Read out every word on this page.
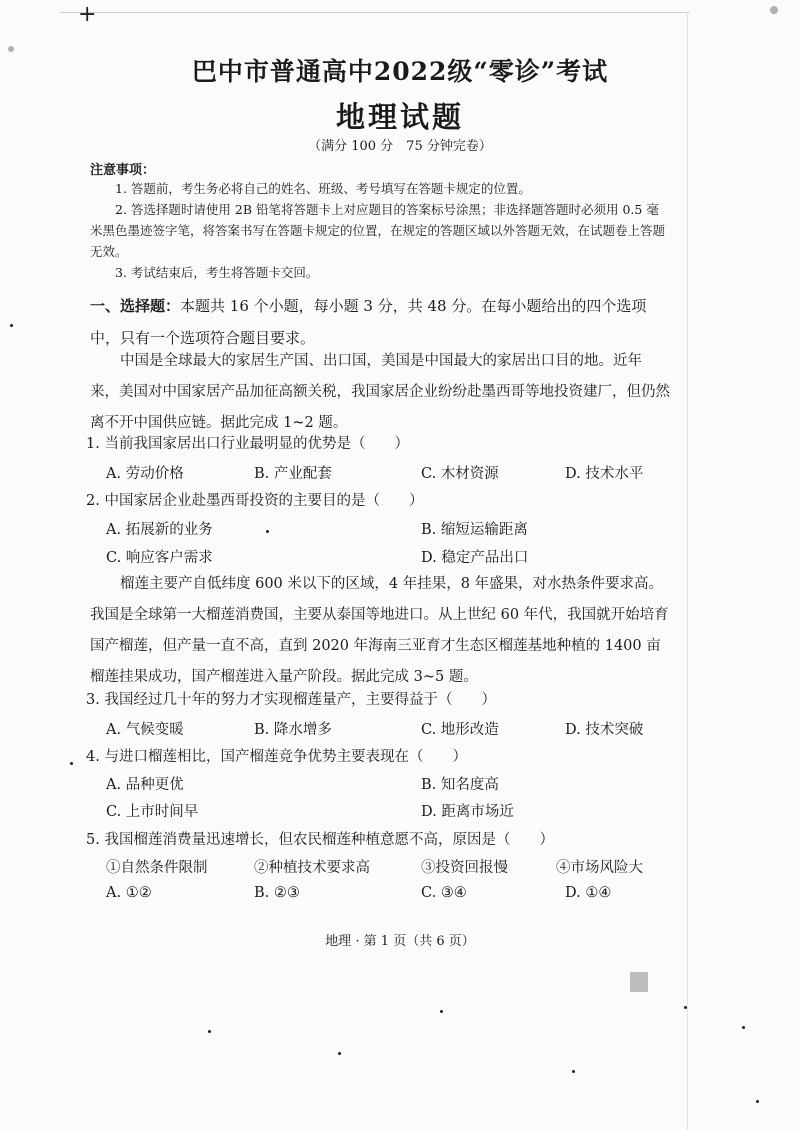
+
巴中市普通高中2022级“零诊”考试
地理试题
（满分 100 分　75 分钟完卷）
注意事项：
1. 答题前，考生务必将自己的姓名、班级、考号填写在答题卡规定的位置。
2. 答选择题时请使用 2B 铅笔将答题卡上对应题目的答案标号涂黑；非选择题答题时必须用 0.5 毫米黑色墨迹签字笔，将答案书写在答题卡规定的位置，在规定的答题区域以外答题无效，在试题卷上答题无效。
3. 考试结束后，考生将答题卡交回。
一、选择题：本题共 16 个小题，每小题 3 分，共 48 分。在每小题给出的四个选项中，只有一个选项符合题目要求。
中国是全球最大的家居生产国、出口国，美国是中国最大的家居出口目的地。近年来，美国对中国家居产品加征高额关税，我国家居企业纷纷赴墨西哥等地投资建厂，但仍然离不开中国供应链。据此完成 1~2 题。
1. 当前我国家居出口行业最明显的优势是（　　）
A. 劳动价格	B. 产业配套	C. 木材资源	D. 技术水平
2. 中国家居企业赴墨西哥投资的主要目的是（　　）
A. 拓展新的业务	B. 缩短运输距离
C. 响应客户需求	D. 稳定产品出口
榴莲主要产自低纬度 600 米以下的区域，4 年挂果，8 年盛果，对水热条件要求高。我国是全球第一大榴莲消费国，主要从泰国等地进口。从上世纪 60 年代，我国就开始培育国产榴莲，但产量一直不高，直到 2020 年海南三亚育才生态区榴莲基地种植的 1400 亩榴莲挂果成功，国产榴莲进入量产阶段。据此完成 3~5 题。
3. 我国经过几十年的努力才实现榴莲量产，主要得益于（　　）
A. 气候变暖	B. 降水增多	C. 地形改造	D. 技术突破
4. 与进口榴莲相比，国产榴莲竞争优势主要表现在（　　）
A. 品种更优	B. 知名度高
C. 上市时间早	D. 距离市场近
5. 我国榴莲消费量迅速增长，但农民榴莲种植意愿不高，原因是（　　）
①自然条件限制	②种植技术要求高	③投资回报慢	④市场风险大
A. ①②	B. ②③	C. ③④	D. ①④
地理 · 第 1 页（共 6 页）
